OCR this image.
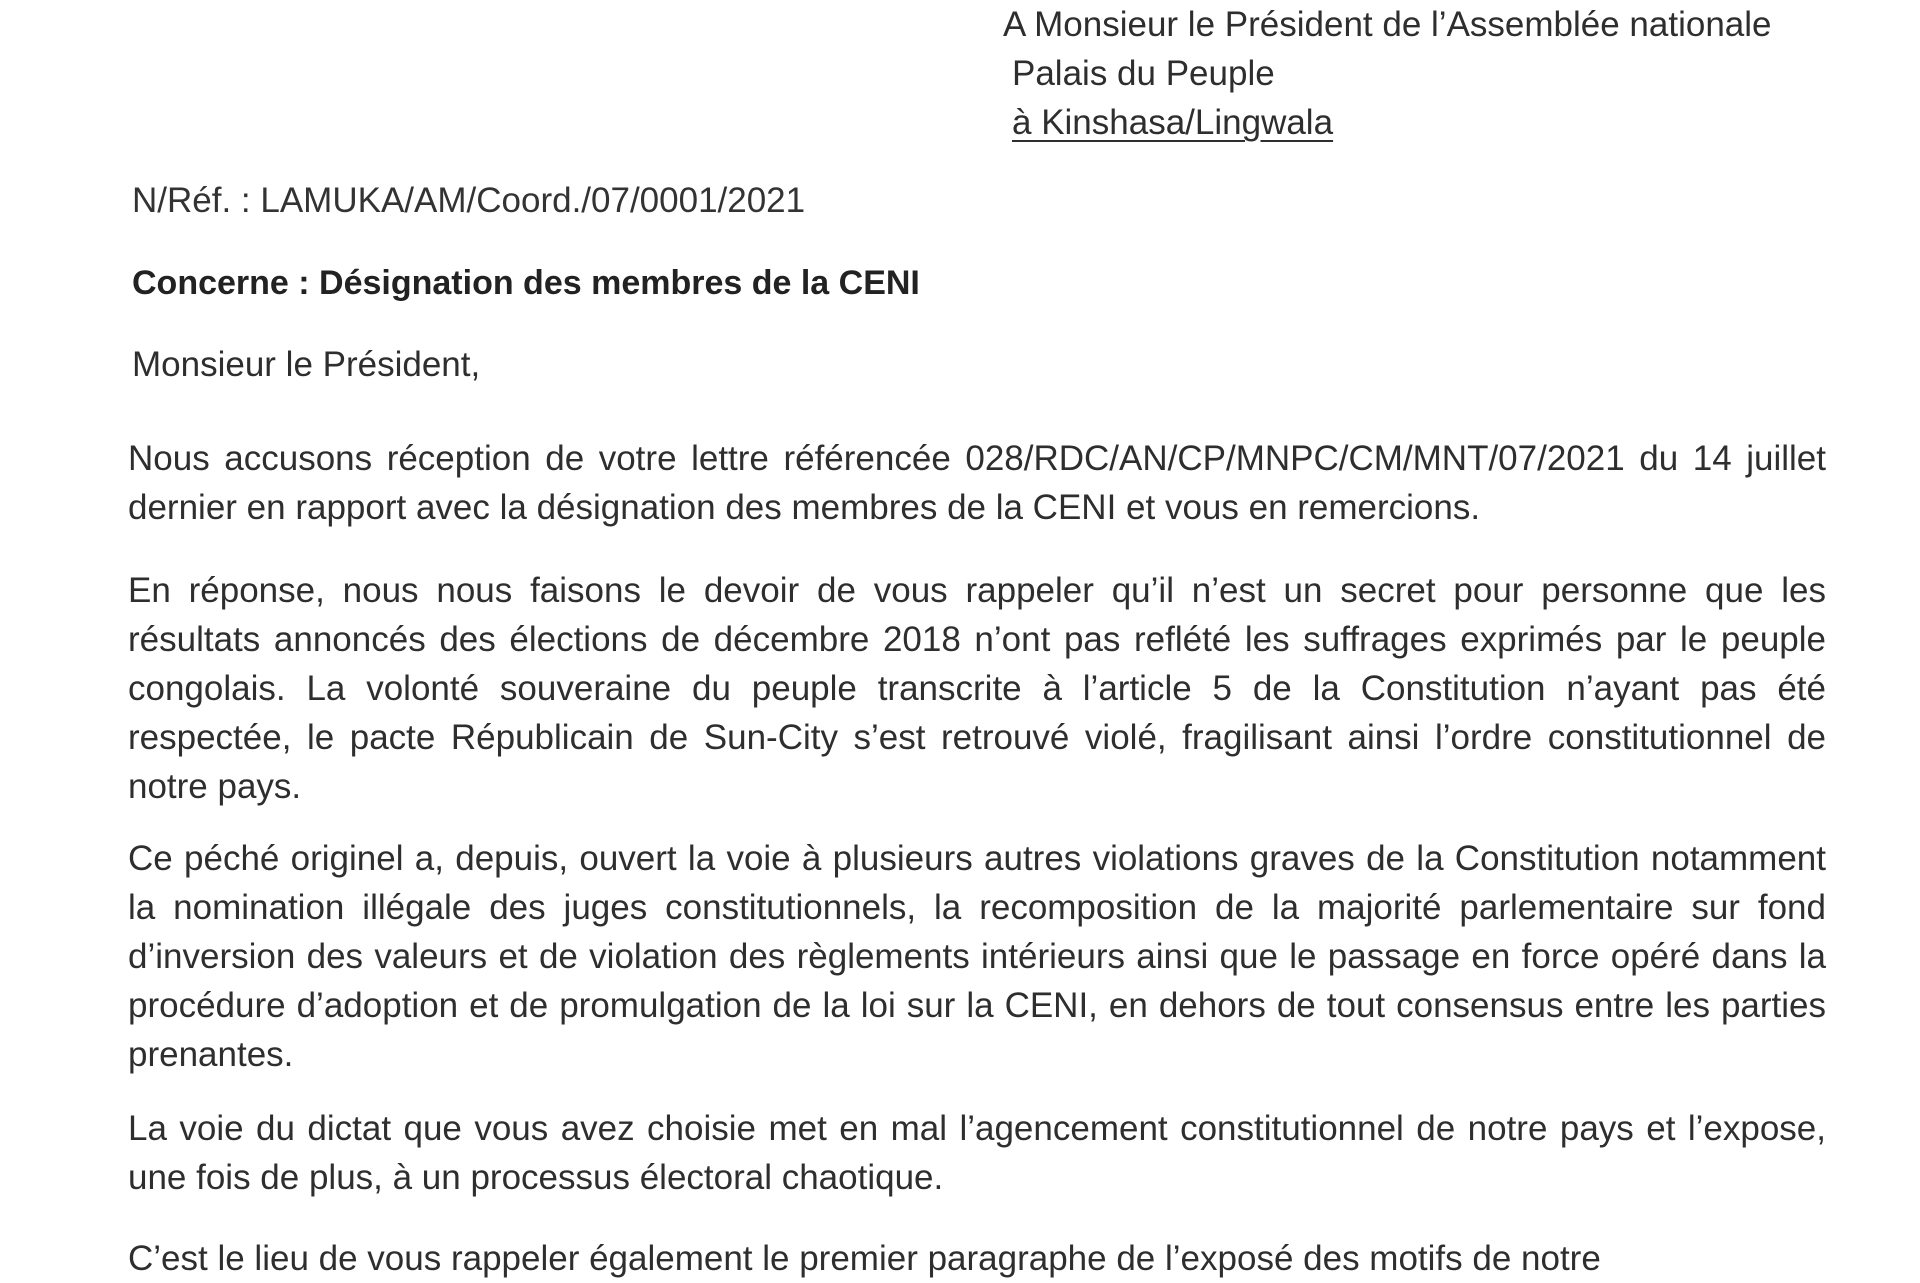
A Monsieur le Président de l’Assemblée nationale
Palais du Peuple
à Kinshasa/Lingwala
N/Réf. : LAMUKA/AM/Coord./07/0001/2021
Concerne : Désignation des membres de la CENI
Monsieur le Président,

Nous accusons réception de votre lettre référencée 028/RDC/AN/CP/MNPC/CM/MNT/07/2021 du 14 juillet dernier en rapport avec la désignation des membres de la CENI et vous en remercions.

En réponse, nous nous faisons le devoir de vous rappeler qu’il n’est un secret pour personne que les résultats annoncés des élections de décembre 2018 n’ont pas reflété les suffrages exprimés par le peuple congolais. La volonté souveraine du peuple transcrite à l’article 5 de la Constitution n’ayant pas été respectée, le pacte Républicain de Sun-City s’est retrouvé violé, fragilisant ainsi l’ordre constitutionnel de notre pays.

Ce péché originel a, depuis, ouvert la voie à plusieurs autres violations graves de la Constitution notamment la nomination illégale des juges constitutionnels, la recomposition de la majorité parlementaire sur fond d’inversion des valeurs et de violation des règlements intérieurs ainsi que le passage en force opéré dans la procédure d’adoption et de promulgation de la loi sur la CENI, en dehors de tout consensus entre les parties prenantes.

La voie du dictat que vous avez choisie met en mal l’agencement constitutionnel de notre pays et l’expose, une fois de plus, à un processus électoral chaotique.

C’est le lieu de vous rappeler également le premier paragraphe de l’exposé des motifs de notre
